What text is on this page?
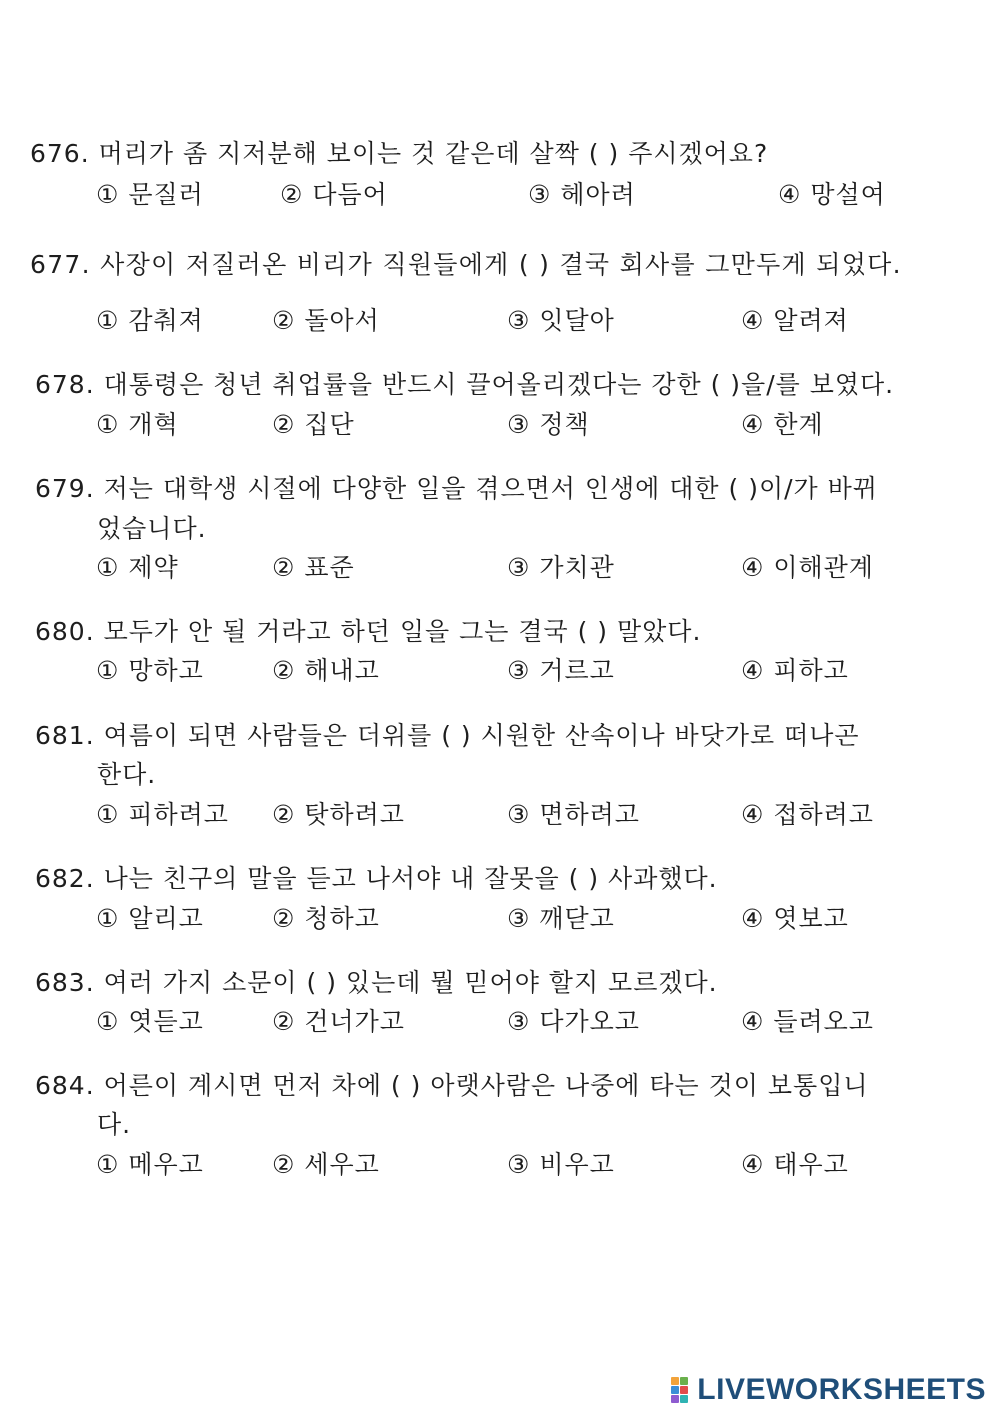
676. 머리가 좀 지저분해 보이는 것 같은데 살짝 ( ) 주시겠어요?
① 문질러	② 다듬어	③ 헤아려	④ 망설여
677. 사장이 저질러온 비리가 직원들에게 ( ) 결국 회사를 그만두게 되었다.
① 감춰져	② 돌아서	③ 잇달아	④ 알려져
678. 대통령은 청년 취업률을 반드시 끌어올리겠다는 강한 ( )을/를 보였다.
① 개혁	② 집단	③ 정책	④ 한계
679. 저는 대학생 시절에 다양한 일을 겪으면서 인생에 대한 ( )이/가 바뀌
었습니다.
① 제약	② 표준	③ 가치관	④ 이해관계
680. 모두가 안 될 거라고 하던 일을 그는 결국 ( ) 말았다.
① 망하고	② 해내고	③ 거르고	④ 피하고
681. 여름이 되면 사람들은 더위를 ( ) 시원한 산속이나 바닷가로 떠나곤
한다.
① 피하려고 ② 탓하려고	③ 면하려고	④ 접하려고
682. 나는 친구의 말을 듣고 나서야 내 잘못을 ( ) 사과했다.
① 알리고	② 청하고	③ 깨닫고	④ 엿보고
683. 여러 가지 소문이 ( ) 있는데 뭘 믿어야 할지 모르겠다.
① 엿듣고	② 건너가고	③ 다가오고	④ 들려오고
684. 어른이 계시면 먼저 차에 ( ) 아랫사람은 나중에 타는 것이 보통입니
다.
① 메우고	② 세우고	③ 비우고	④ 태우고
LIVEWORKSHEETS
